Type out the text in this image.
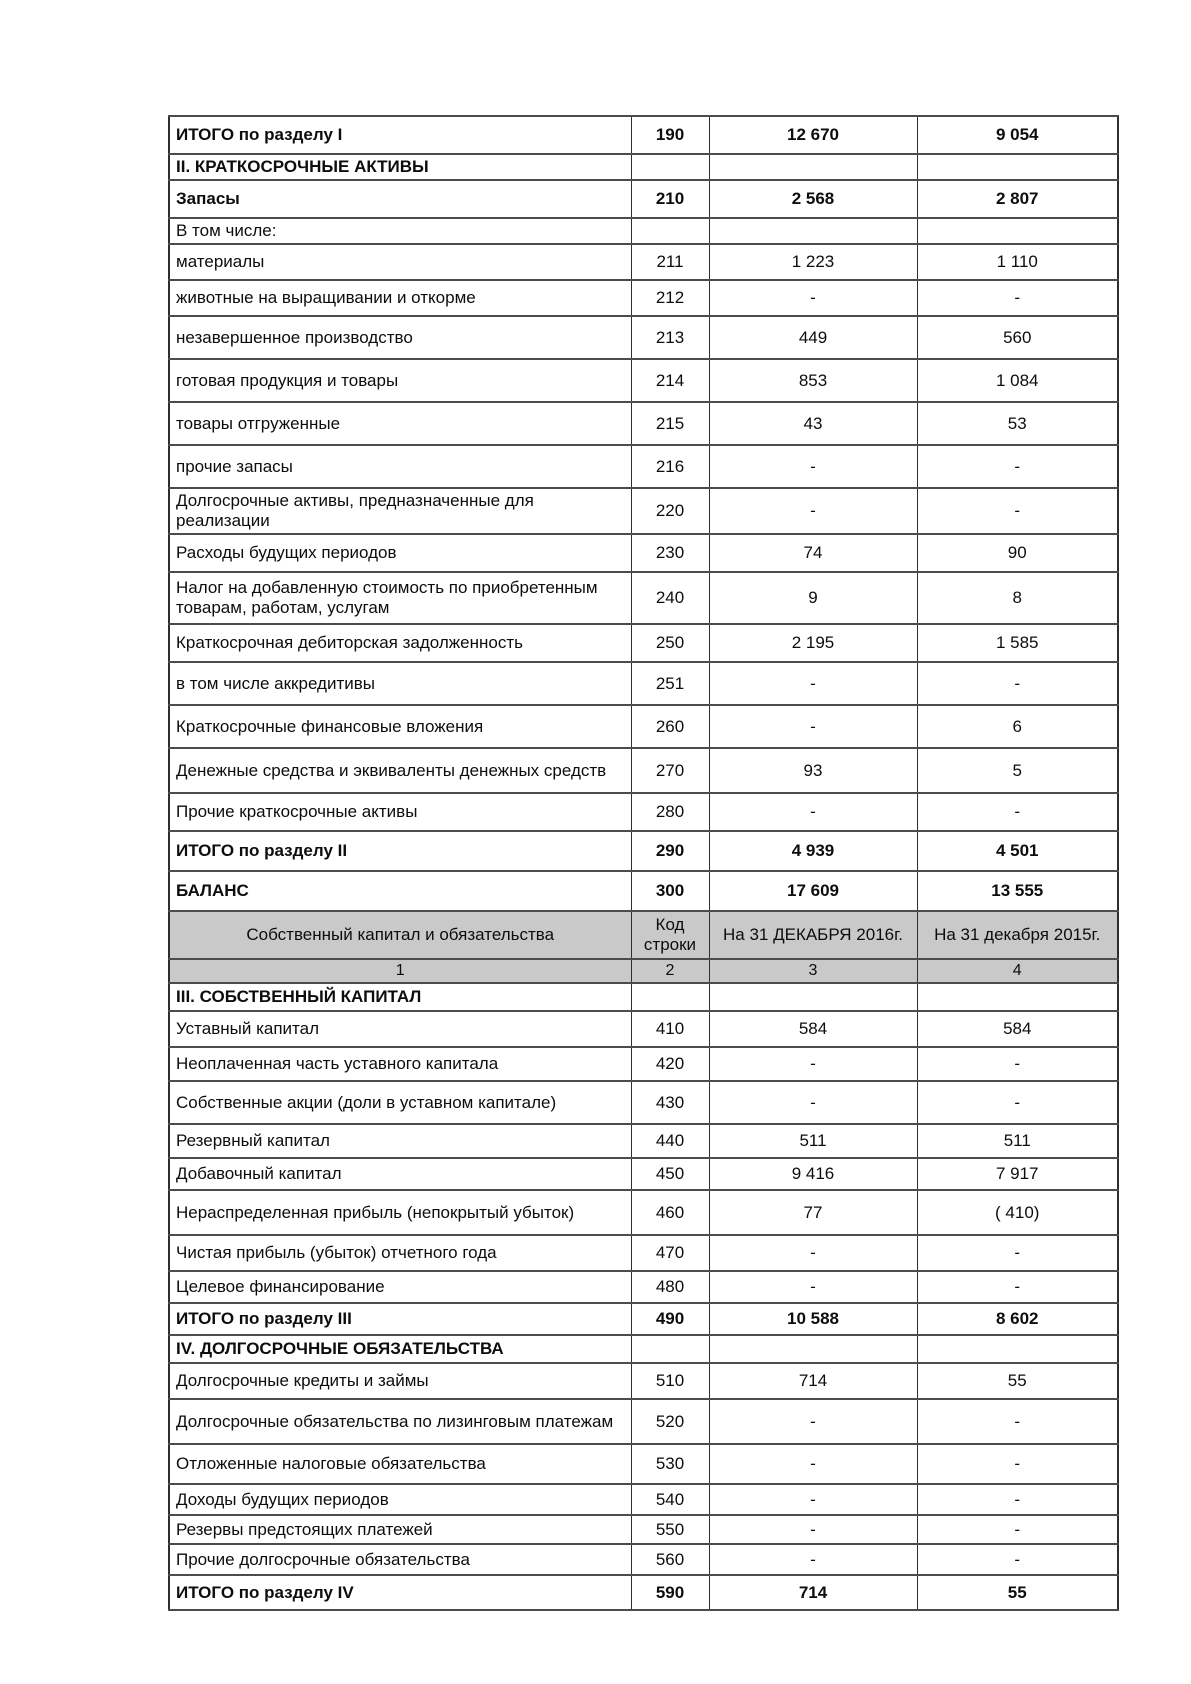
ИТОГО по разделу I	190	12 670	9 054
II. КРАТКОСРОЧНЫЕ АКТИВЫ			
Запасы	210	2 568	2 807
В том числе:			
материалы	211	1 223	1 110
животные на выращивании и откорме	212	-	-
незавершенное производство	213	449	560
готовая продукция и товары	214	853	1 084
товары отгруженные	215	43	53
прочие запасы	216	-	-
Долгосрочные активы, предназначенные для реализации	220	-	-
Расходы будущих периодов	230	74	90
Налог на добавленную стоимость по приобретенным товарам, работам, услугам	240	9	8
Краткосрочная дебиторская задолженность	250	2 195	1 585
в том числе аккредитивы	251	-	-
Краткосрочные финансовые вложения	260	-	6
Денежные средства и эквиваленты денежных средств	270	93	5
Прочие краткосрочные активы	280	-	-
ИТОГО по разделу II	290	4 939	4 501
БАЛАНС	300	17 609	13 555
Собственный капитал и обязательства	Код строки	На 31 ДЕКАБРЯ 2016г.	На 31 декабря 2015г.
1	2	3	4
III. СОБСТВЕННЫЙ КАПИТАЛ			
Уставный капитал	410	584	584
Неоплаченная часть уставного капитала	420	-	-
Собственные акции (доли в уставном капитале)	430	-	-
Резервный капитал	440	511	511
Добавочный капитал	450	9 416	7 917
Нераспределенная прибыль (непокрытый убыток)	460	77	( 410)
Чистая прибыль (убыток) отчетного года	470	-	-
Целевое финансирование	480	-	-
ИТОГО по разделу III	490	10 588	8 602
IV. ДОЛГОСРОЧНЫЕ ОБЯЗАТЕЛЬСТВА			
Долгосрочные кредиты и займы	510	714	55
Долгосрочные обязательства по лизинговым платежам	520	-	-
Отложенные налоговые обязательства	530	-	-
Доходы будущих периодов	540	-	-
Резервы предстоящих платежей	550	-	-
Прочие долгосрочные обязательства	560	-	-
ИТОГО по разделу IV	590	714	55
